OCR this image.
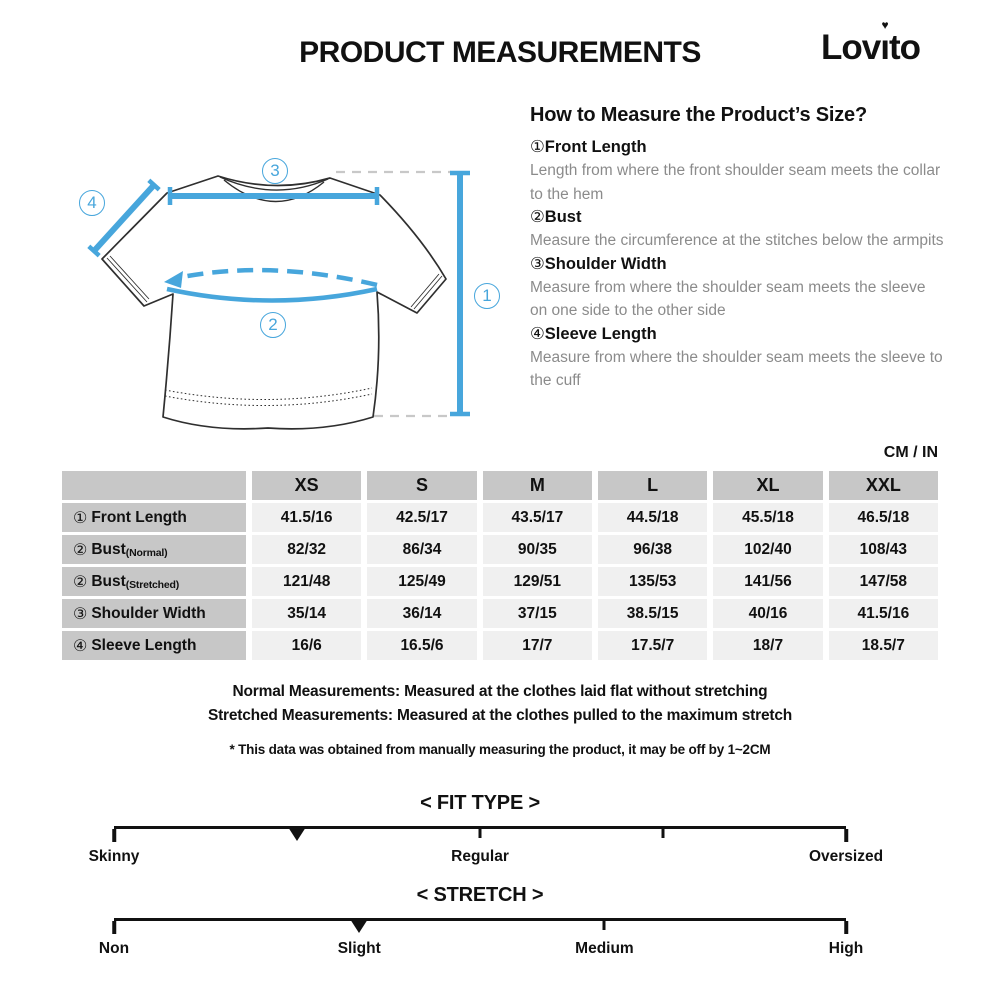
PRODUCT MEASUREMENTS	Lovı
♥
to
1
2
3
4
How to Measure the Product’s Size?
①Front Length
Length from where the front shoulder seam meets the collar to the hem
②Bust
Measure the circumference at the stitches below the armpits
③Shoulder Width
Measure from where the shoulder seam meets the sleeve on one side to the other side
④Sleeve Length
Measure from where the shoulder seam meets the sleeve to the cuff
CM / IN
XS	S	M	L	XL	XXL
① Front Length	41.5/16	42.5/17	43.5/17	44.5/18	45.5/18	46.5/18
② Bust (Normal)	82/32	86/34	90/35	96/38	102/40	108/43
② Bust (Stretched)	121/48	125/49	129/51	135/53	141/56	147/58
③ Shoulder Width	35/14	36/14	37/15	38.5/15	40/16	41.5/16
④ Sleeve Length	16/6	16.5/6	17/7	17.5/7	18/7	18.5/7

Normal Measurements: Measured at the clothes laid flat without stretching

Stretched Measurements: Measured at the clothes pulled to the maximum stretch

* This data was obtained from manually measuring the product, it may be off by 1~2CM

< FIT TYPE >
Skinny	Regular	Oversized
< STRETCH >
Non	Slight	Medium	High
